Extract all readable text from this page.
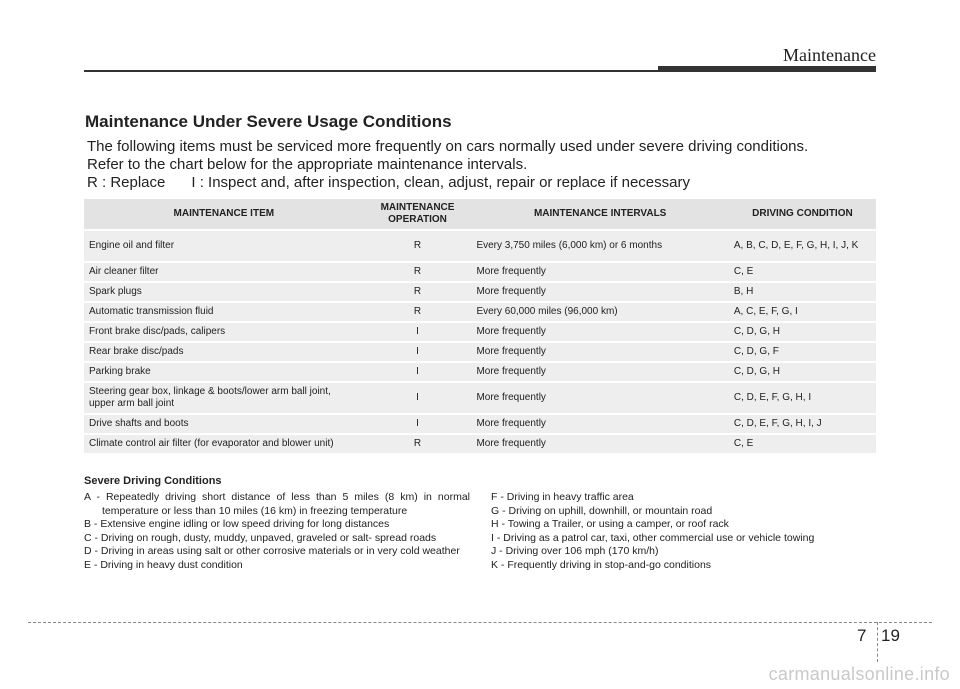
Maintenance
Maintenance Under Severe Usage Conditions
The following items must be serviced more frequently on cars normally used under severe driving conditions.
Refer to the chart below for the appropriate maintenance intervals.
R : Replace I : Inspect and, after inspection, clean, adjust, repair or replace if necessary
MAINTENANCE ITEM	MAINTENANCE OPERATION	MAINTENANCE INTERVALS	DRIVING CONDITION
Engine oil and filter	R	Every 3,750 miles (6,000 km) or 6 months	A, B, C, D, E, F, G, H, I, J, K
Air cleaner filter	R	More frequently	C, E
Spark plugs	R	More frequently	B, H
Automatic transmission fluid	R	Every 60,000 miles (96,000 km)	A, C, E, F, G, I
Front brake disc/pads, calipers	I	More frequently	C, D, G, H
Rear brake disc/pads	I	More frequently	C, D, G, F
Parking brake	I	More frequently	C, D, G, H
Steering gear box, linkage & boots/lower arm ball joint, upper arm ball joint	I	More frequently	C, D, E, F, G, H, I
Drive shafts and boots	I	More frequently	C, D, E, F, G, H, I, J
Climate control air filter (for evaporator and blower unit)	R	More frequently	C, E
Severe Driving Conditions
A - Repeatedly driving short distance of less than 5 miles (8 km) in normal temperature or less than 10 miles (16 km) in freezing temperature
B - Extensive engine idling or low speed driving for long distances
C - Driving on rough, dusty, muddy, unpaved, graveled or salt- spread roads
D - Driving in areas using salt or other corrosive materials or in very cold weather
E - Driving in heavy dust condition
F - Driving in heavy traffic area
G - Driving on uphill, downhill, or mountain road
H - Towing a Trailer, or using a camper, or roof rack
I - Driving as a patrol car, taxi, other commercial use or vehicle towing
J - Driving over 106 mph (170 km/h)
K - Frequently driving in stop-and-go conditions
7 19
carmanualsonline.info
